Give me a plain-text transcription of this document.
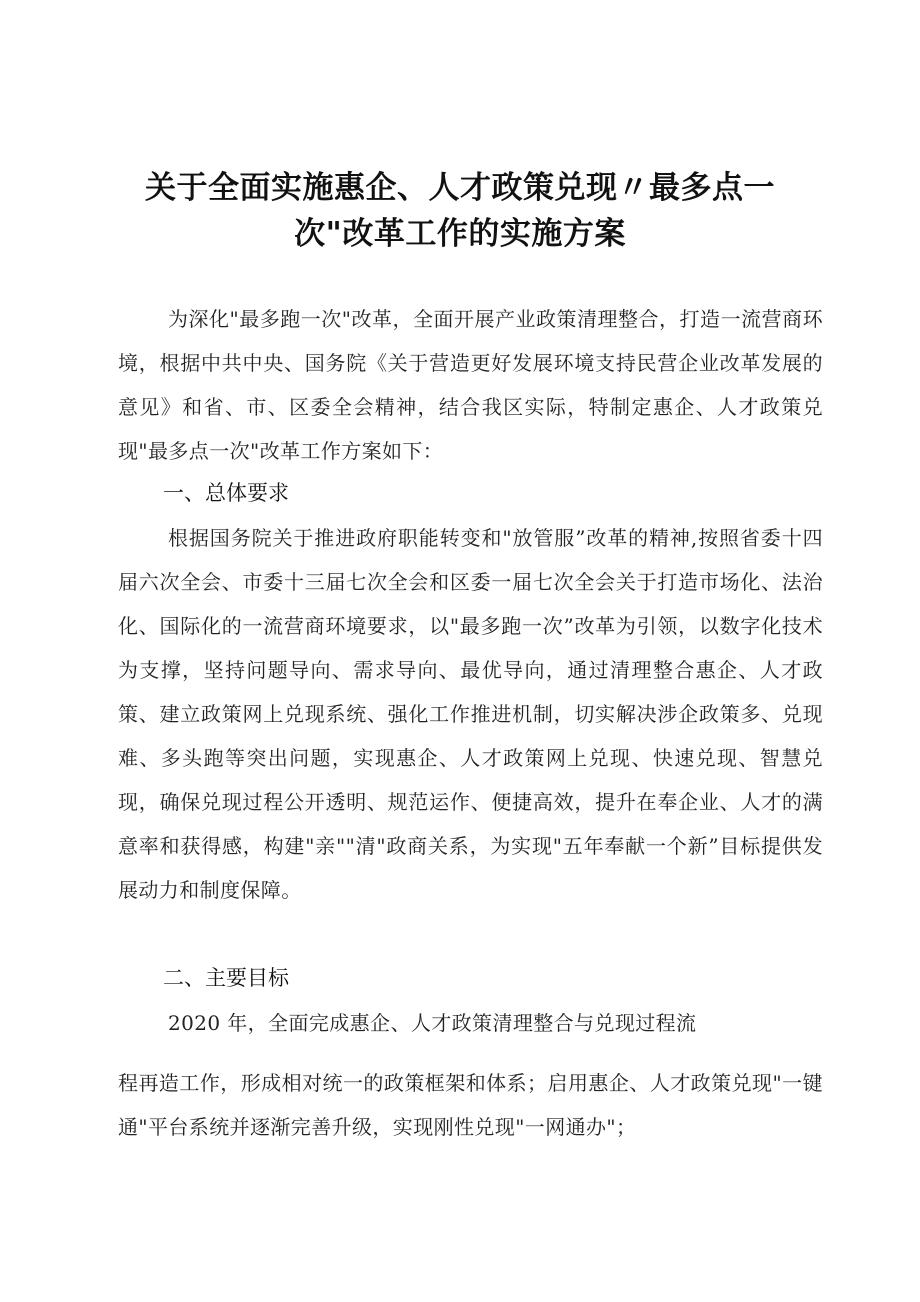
关于全面实施惠企、人才政策兑现〃最多点一
次"改革工作的实施方案

为深化"最多跑一次"改革，全面开展产业政策清理整合，打造一流营商环境，根据中共中央、国务院《关于营造更好发展环境支持民营企业改革发展的意见》和省、市、区委全会精神，结合我区实际，特制定惠企、人才政策兑现"最多点一次"改革工作方案如下：

一、总体要求

根据国务院关于推进政府职能转变和"放管服”改革的精神,按照省委十四届六次全会、市委十三届七次全会和区委一届七次全会关于打造市场化、法治化、国际化的一流营商环境要求，以"最多跑一次”改革为引领，以数字化技术为支撑，坚持问题导向、需求导向、最优导向，通过清理整合惠企、人才政策、建立政策网上兑现系统、强化工作推进机制，切实解决涉企政策多、兑现难、多头跑等突出问题，实现惠企、人才政策网上兑现、快速兑现、智慧兑现，确保兑现过程公开透明、规范运作、便捷高效，提升在奉企业、人才的满意率和获得感，构建"亲""清"政商关系，为实现"五年奉献一个新”目标提供发展动力和制度保障。

二、主要目标

2020 年，全面完成惠企、人才政策清理整合与兑现过程流

程再造工作，形成相对统一的政策框架和体系；启用惠企、人才政策兑现"一键通"平台系统并逐渐完善升级，实现刚性兑现"一网通办"；
